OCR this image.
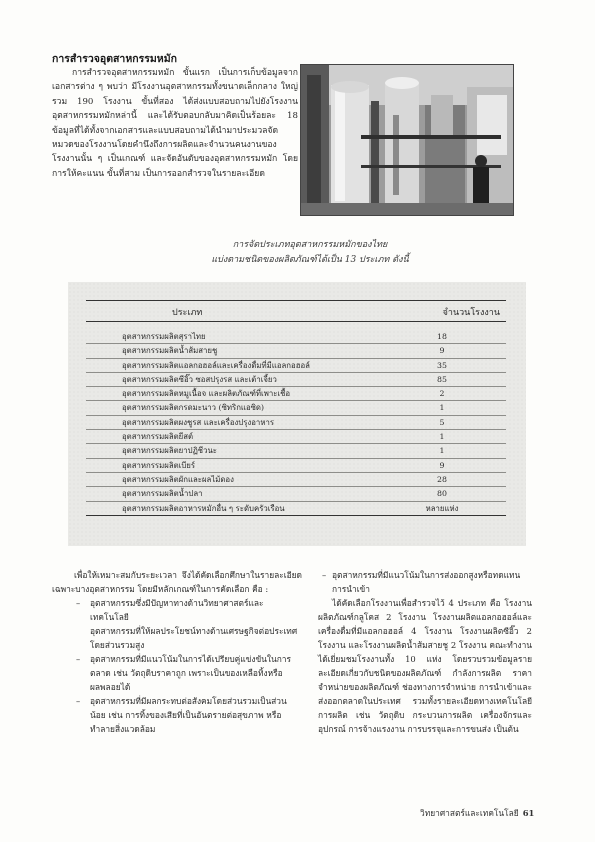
การสำรวจอุตสาหกรรมหมัก

การสำรวจอุตสาหกรรมหมัก ขั้นแรก เป็นการเก็บข้อมูลจากเอกสารต่าง ๆ พบว่า มีโรงงานอุตสาหกรรมทั้งขนาดเล็กกลาง ใหญ่ รวม 190 โรงงาน ขั้นที่สอง ได้ส่งแบบสอบถามไปยังโรงงานอุตสาหกรรมหมักหล่านี้ และได้รับตอบกลับมาคิดเป็นร้อยละ 18 ข้อมูลที่ได้ทั้งจากเอกสารและแบบสอบถามได้นำมาประมวลจัดหมวดของโรงงานโดยคำนึงถึงการผลิตและจำนวนคนงานของโรงงานนั้น ๆ เป็นเกณฑ์ และจัดอันดับของอุตสาหกรรมหมัก โดยการให้คะแนน ขั้นที่สาม เป็นการออกสำรวจในรายละเอียด

การจัดประเภทอุตสาหกรรมหมักของไทย
แบ่งตามชนิดของผลิตภัณฑ์ได้เป็น 13 ประเภท ดังนี้
ประเภท	จำนวนโรงงาน
อุตสาหกรรมผลิตสุราไทย	18
อุตสาหกรรมผลิตน้ำส้มสายชู	9
อุตสาหกรรมผลิตแอลกอฮอล์และเครื่องดื่มที่มีแอลกอฮอล์	35
อุตสาหกรรมผลิตซีอิ๊ว ซอสปรุงรส และเต้าเจี้ยว	85
อุตสาหกรรมผลิตหมูเนื้อจ และผลิตภัณฑ์ที่เพาะเชื้อ	2
อุตสาหกรรมผลิตกรดมะนาว (ซิทริกแอซิด)	1
อุตสาหกรรมผลิตผงชูรส และเครื่องปรุงอาหาร	5
อุตสาหกรรมผลิตยีสต์	1
อุตสาหกรรมผลิตยาปฏิชีวนะ	1
อุตสาหกรรมผลิตเบียร์	9
อุตสาหกรรมผลิตผักและผลไม้ดอง	28
อุตสาหกรรมผลิตน้ำปลา	80
อุตสาหกรรมผลิตอาหารหมักอื่น ๆ ระดับครัวเรือน	หลายแห่ง

เพื่อให้เหมาะสมกับระยะเวลา จึงได้คัดเลือกศึกษาในรายละเอียดเฉพาะบางอุตสาหกรรม โดยมีหลักเกณฑ์ในการคัดเลือก คือ :

– อุตสาหกรรมซึ่งมีปัญหาทางด้านวิทยาศาสตร์และเทคโนโลยี
อุตสาหกรรมที่ให้ผลประโยชน์ทางด้านเศรษฐกิจต่อประเทศโดยส่วนรวมสูง
– อุตสาหกรรมที่มีแนวโน้มในการได้เปรียบคู่แข่งขันในการตลาด เช่น วัตถุดิบราคาถูก เพราะเป็นของเหลือทิ้งหรือผลพลอยได้
– อุตสาหกรรมที่มีผลกระทบต่อสังคมโดยส่วนรวมเป็นส่วนน้อย เช่น การทิ้งของเสียที่เป็นอันตรายต่อสุขภาพ หรือทำลายสิ่งแวดล้อม
– อุตสาหกรรมที่มีแนวโน้มในการส่งออกสูงหรือทดแทนการนำเข้า

ได้คัดเลือกโรงงานเพื่อสำรวจไว้ 4 ประเภท คือ โรงงานผลิตภัณฑ์กลูโคส 2 โรงงาน โรงงานผลิตแอลกอฮอล์และเครื่องดื่มที่มีแอลกอฮอล์ 4 โรงงาน โรงงานผลิตซีอิ๊ว 2 โรงงาน และโรงงานผลิตน้ำส้มสายชู 2 โรงงาน คณะทำงานได้เยี่ยมชมโรงงานทั้ง 10 แห่ง โดยรวบรวมข้อมูลรายละเอียดเกี่ยวกับชนิดของผลิตภัณฑ์ กำลังการผลิต ราคาจำหน่ายของผลิตภัณฑ์ ช่องทางการจำหน่าย การนำเข้าและส่งออกตลาดในประเทศ รวมทั้งรายละเอียดทางเทคโนโลยีการผลิต เช่น วัตถุดิบ กระบวนการผลิต เครื่องจักรและอุปกรณ์ การจ้างแรงงาน การบรรจุและการขนส่ง เป็นต้น

วิทยาศาสตร์และเทคโนโลยี 61
